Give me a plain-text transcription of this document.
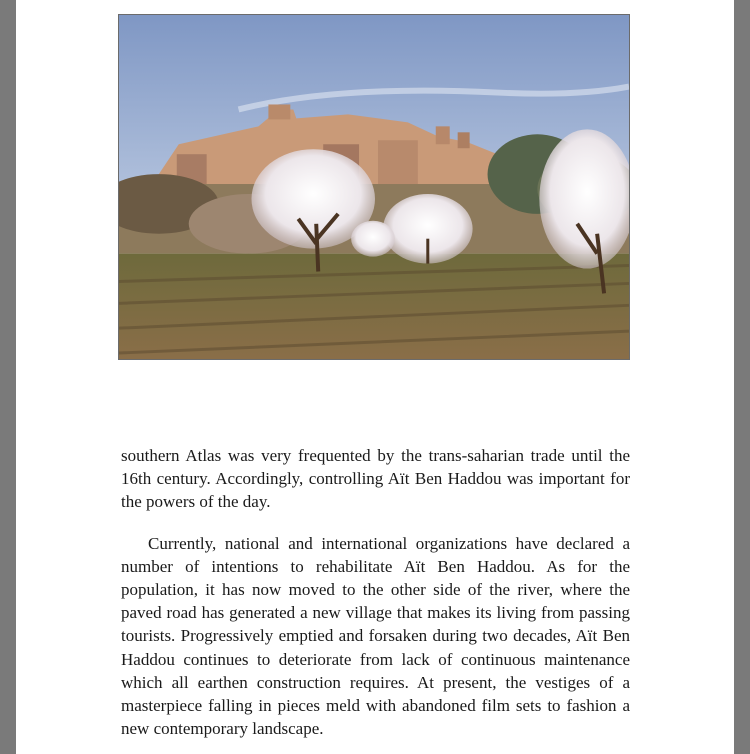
southern Atlas was very frequented by the trans-saharian trade until the 16th century. Accordingly, controlling Aït Ben Haddou was important for the powers of the day.

Currently, national and international organizations have declared a number of intentions to rehabilitate Aït Ben Haddou. As for the population, it has now moved to the other side of the river, where the paved road has generated a new village that makes its living from passing tourists. Progressively emptied and forsaken during two decades, Aït Ben Haddou continues to deteriorate from lack of continuous maintenance which all earthen construction requires. At present, the vestiges of a masterpiece falling in pieces meld with abandoned film sets to fashion a new contemporary landscape.
